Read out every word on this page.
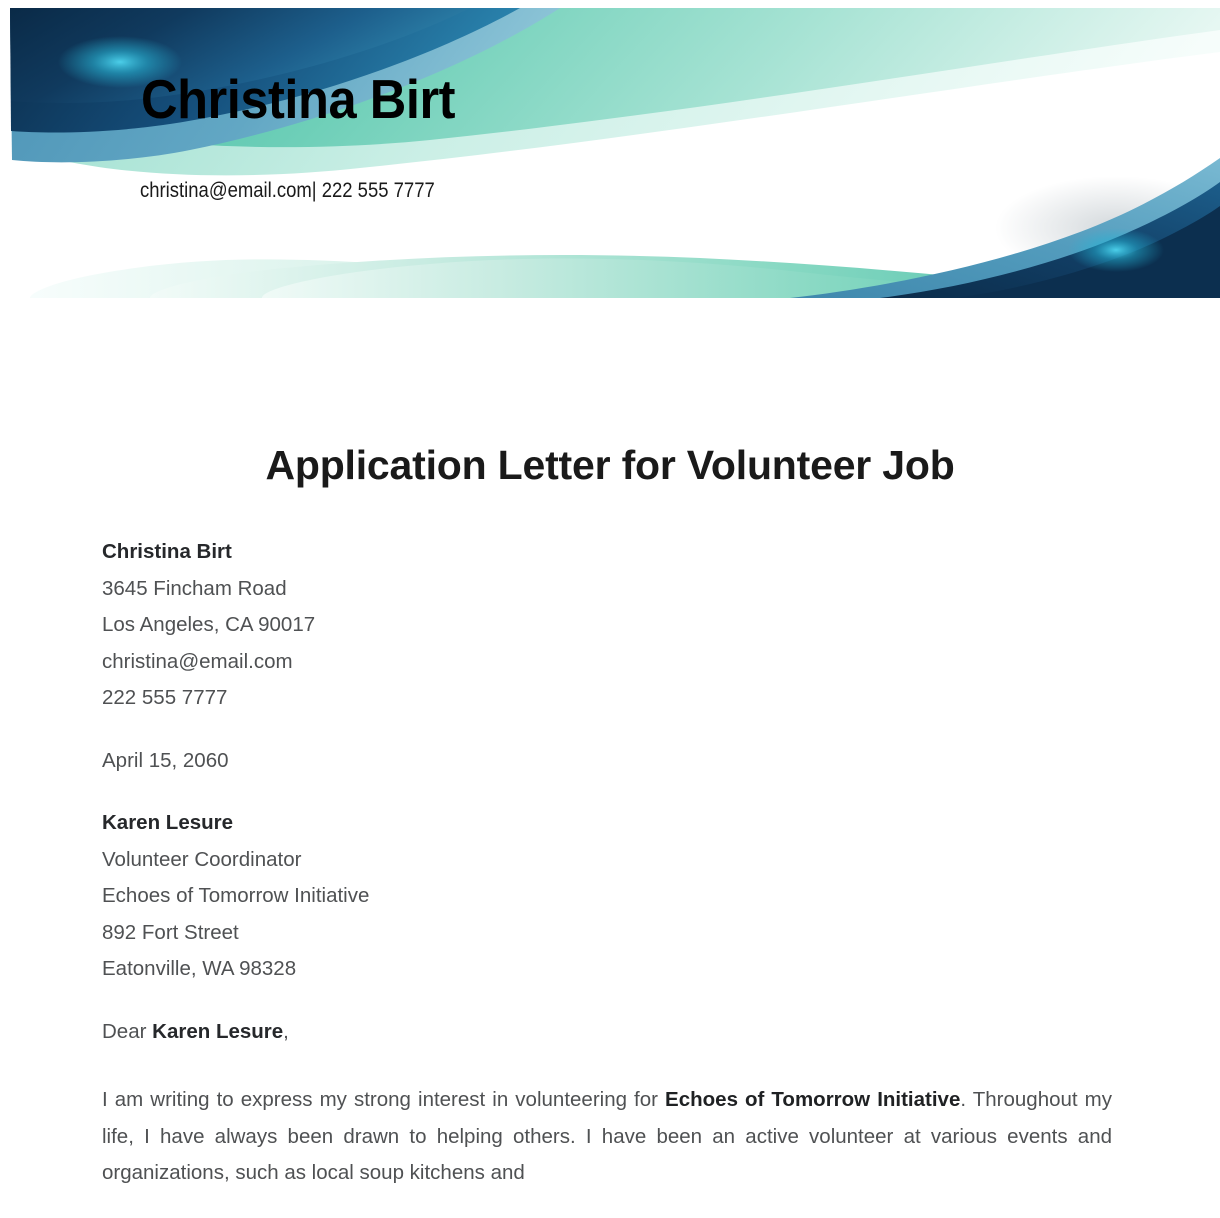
Christina Birt
christina@email.com| 222 555 7777
Application Letter for Volunteer Job
Christina Birt
3645 Fincham Road
Los Angeles, CA 90017
christina@email.com
222 555 7777
April 15, 2060
Karen Lesure
Volunteer Coordinator
Echoes of Tomorrow Initiative
892 Fort Street
Eatonville, WA 98328
Dear Karen Lesure,

I am writing to express my strong interest in volunteering for Echoes of Tomorrow Initiative. Throughout my life, I have always been drawn to helping others. I have been an active volunteer at various events and organizations, such as local soup kitchens and
